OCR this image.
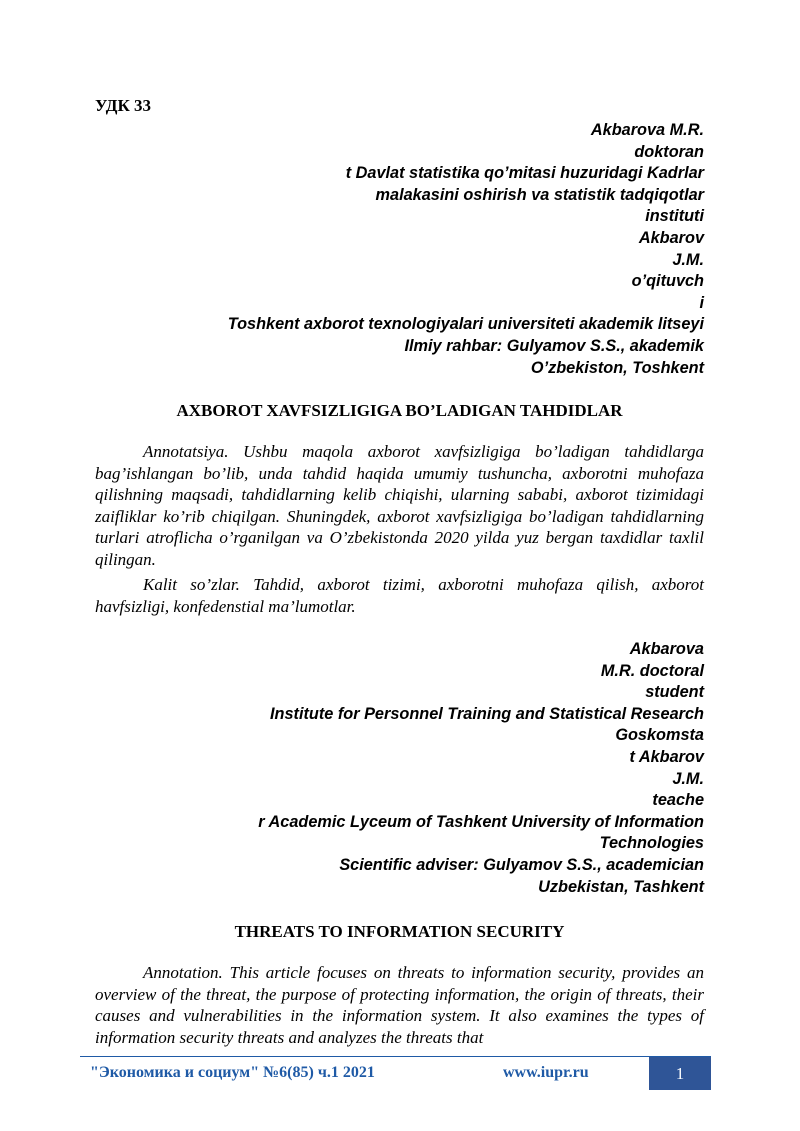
УДК 33
Akbarova M.R.
doktoran
t Davlat statistika qo’mitasi huzuridagi Kadrlar
malakasini oshirish va statistik tadqiqotlar
instituti
Akbarov
J.M.
o’qituvch
i
Toshkent axborot texnologiyalari universiteti akademik litseyi
Ilmiy rahbar: Gulyamov S.S., akademik
O’zbekiston, Toshkent
AXBOROT XAVFSIZLIGIGA BO’LADIGAN TAHDIDLAR

Annotatsiya. Ushbu maqola axborot xavfsizligiga bo’ladigan tahdidlarga bag’ishlangan bo’lib, unda tahdid haqida umumiy tushuncha, axborotni muhofaza qilishning maqsadi, tahdidlarning kelib chiqishi, ularning sababi, axborot tizimidagi zaifliklar ko’rib chiqilgan. Shuningdek, axborot xavfsizligiga bo’ladigan tahdidlarning turlari atroflicha o’rganilgan va O’zbekistonda 2020 yilda yuz bergan taxdidlar taxlil qilingan.

Kalit so’zlar. Tahdid, axborot tizimi, axborotni muhofaza qilish, axborot havfsizligi, konfedenstial ma’lumotlar.

Akbarova
M.R. doctoral
student
Institute for Personnel Training and Statistical Research
Goskomsta
t Akbarov
J.M.
teache
r Academic Lyceum of Tashkent University of Information
Technologies
Scientific adviser: Gulyamov S.S., academician
Uzbekistan, Tashkent
THREATS TO INFORMATION SECURITY

Annotation. This article focuses on threats to information security, provides an overview of the threat, the purpose of protecting information, the origin of threats, their causes and vulnerabilities in the information system. It also examines the types of information security threats and analyzes the threats that

"Экономика и социум" №6(85) ч.1 2021	www.iupr.ru	1
